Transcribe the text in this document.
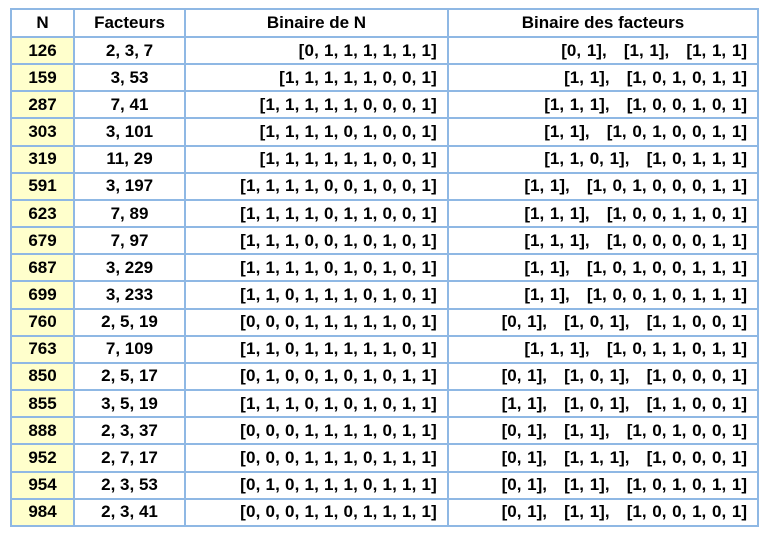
N	Facteurs	Binaire de N	Binaire des facteurs
126	2, 3, 7	[0, 1, 1, 1, 1, 1, 1]	[0, 1],   [1, 1],   [1, 1, 1]
159	3, 53	[1, 1, 1, 1, 1, 0, 0, 1]	[1, 1],   [1, 0, 1, 0, 1, 1]
287	7, 41	[1, 1, 1, 1, 1, 0, 0, 0, 1]	[1, 1, 1],   [1, 0, 0, 1, 0, 1]
303	3, 101	[1, 1, 1, 1, 0, 1, 0, 0, 1]	[1, 1],   [1, 0, 1, 0, 0, 1, 1]
319	11, 29	[1, 1, 1, 1, 1, 1, 0, 0, 1]	[1, 1, 0, 1],   [1, 0, 1, 1, 1]
591	3, 197	[1, 1, 1, 1, 0, 0, 1, 0, 0, 1]	[1, 1],   [1, 0, 1, 0, 0, 0, 1, 1]
623	7, 89	[1, 1, 1, 1, 0, 1, 1, 0, 0, 1]	[1, 1, 1],   [1, 0, 0, 1, 1, 0, 1]
679	7, 97	[1, 1, 1, 0, 0, 1, 0, 1, 0, 1]	[1, 1, 1],   [1, 0, 0, 0, 0, 1, 1]
687	3, 229	[1, 1, 1, 1, 0, 1, 0, 1, 0, 1]	[1, 1],   [1, 0, 1, 0, 0, 1, 1, 1]
699	3, 233	[1, 1, 0, 1, 1, 1, 0, 1, 0, 1]	[1, 1],   [1, 0, 0, 1, 0, 1, 1, 1]
760	2, 5, 19	[0, 0, 0, 1, 1, 1, 1, 1, 0, 1]	[0, 1],   [1, 0, 1],   [1, 1, 0, 0, 1]
763	7, 109	[1, 1, 0, 1, 1, 1, 1, 1, 0, 1]	[1, 1, 1],   [1, 0, 1, 1, 0, 1, 1]
850	2, 5, 17	[0, 1, 0, 0, 1, 0, 1, 0, 1, 1]	[0, 1],   [1, 0, 1],   [1, 0, 0, 0, 1]
855	3, 5, 19	[1, 1, 1, 0, 1, 0, 1, 0, 1, 1]	[1, 1],   [1, 0, 1],   [1, 1, 0, 0, 1]
888	2, 3, 37	[0, 0, 0, 1, 1, 1, 1, 0, 1, 1]	[0, 1],   [1, 1],   [1, 0, 1, 0, 0, 1]
952	2, 7, 17	[0, 0, 0, 1, 1, 1, 0, 1, 1, 1]	[0, 1],   [1, 1, 1],   [1, 0, 0, 0, 1]
954	2, 3, 53	[0, 1, 0, 1, 1, 1, 0, 1, 1, 1]	[0, 1],   [1, 1],   [1, 0, 1, 0, 1, 1]
984	2, 3, 41	[0, 0, 0, 1, 1, 0, 1, 1, 1, 1]	[0, 1],   [1, 1],   [1, 0, 0, 1, 0, 1]
